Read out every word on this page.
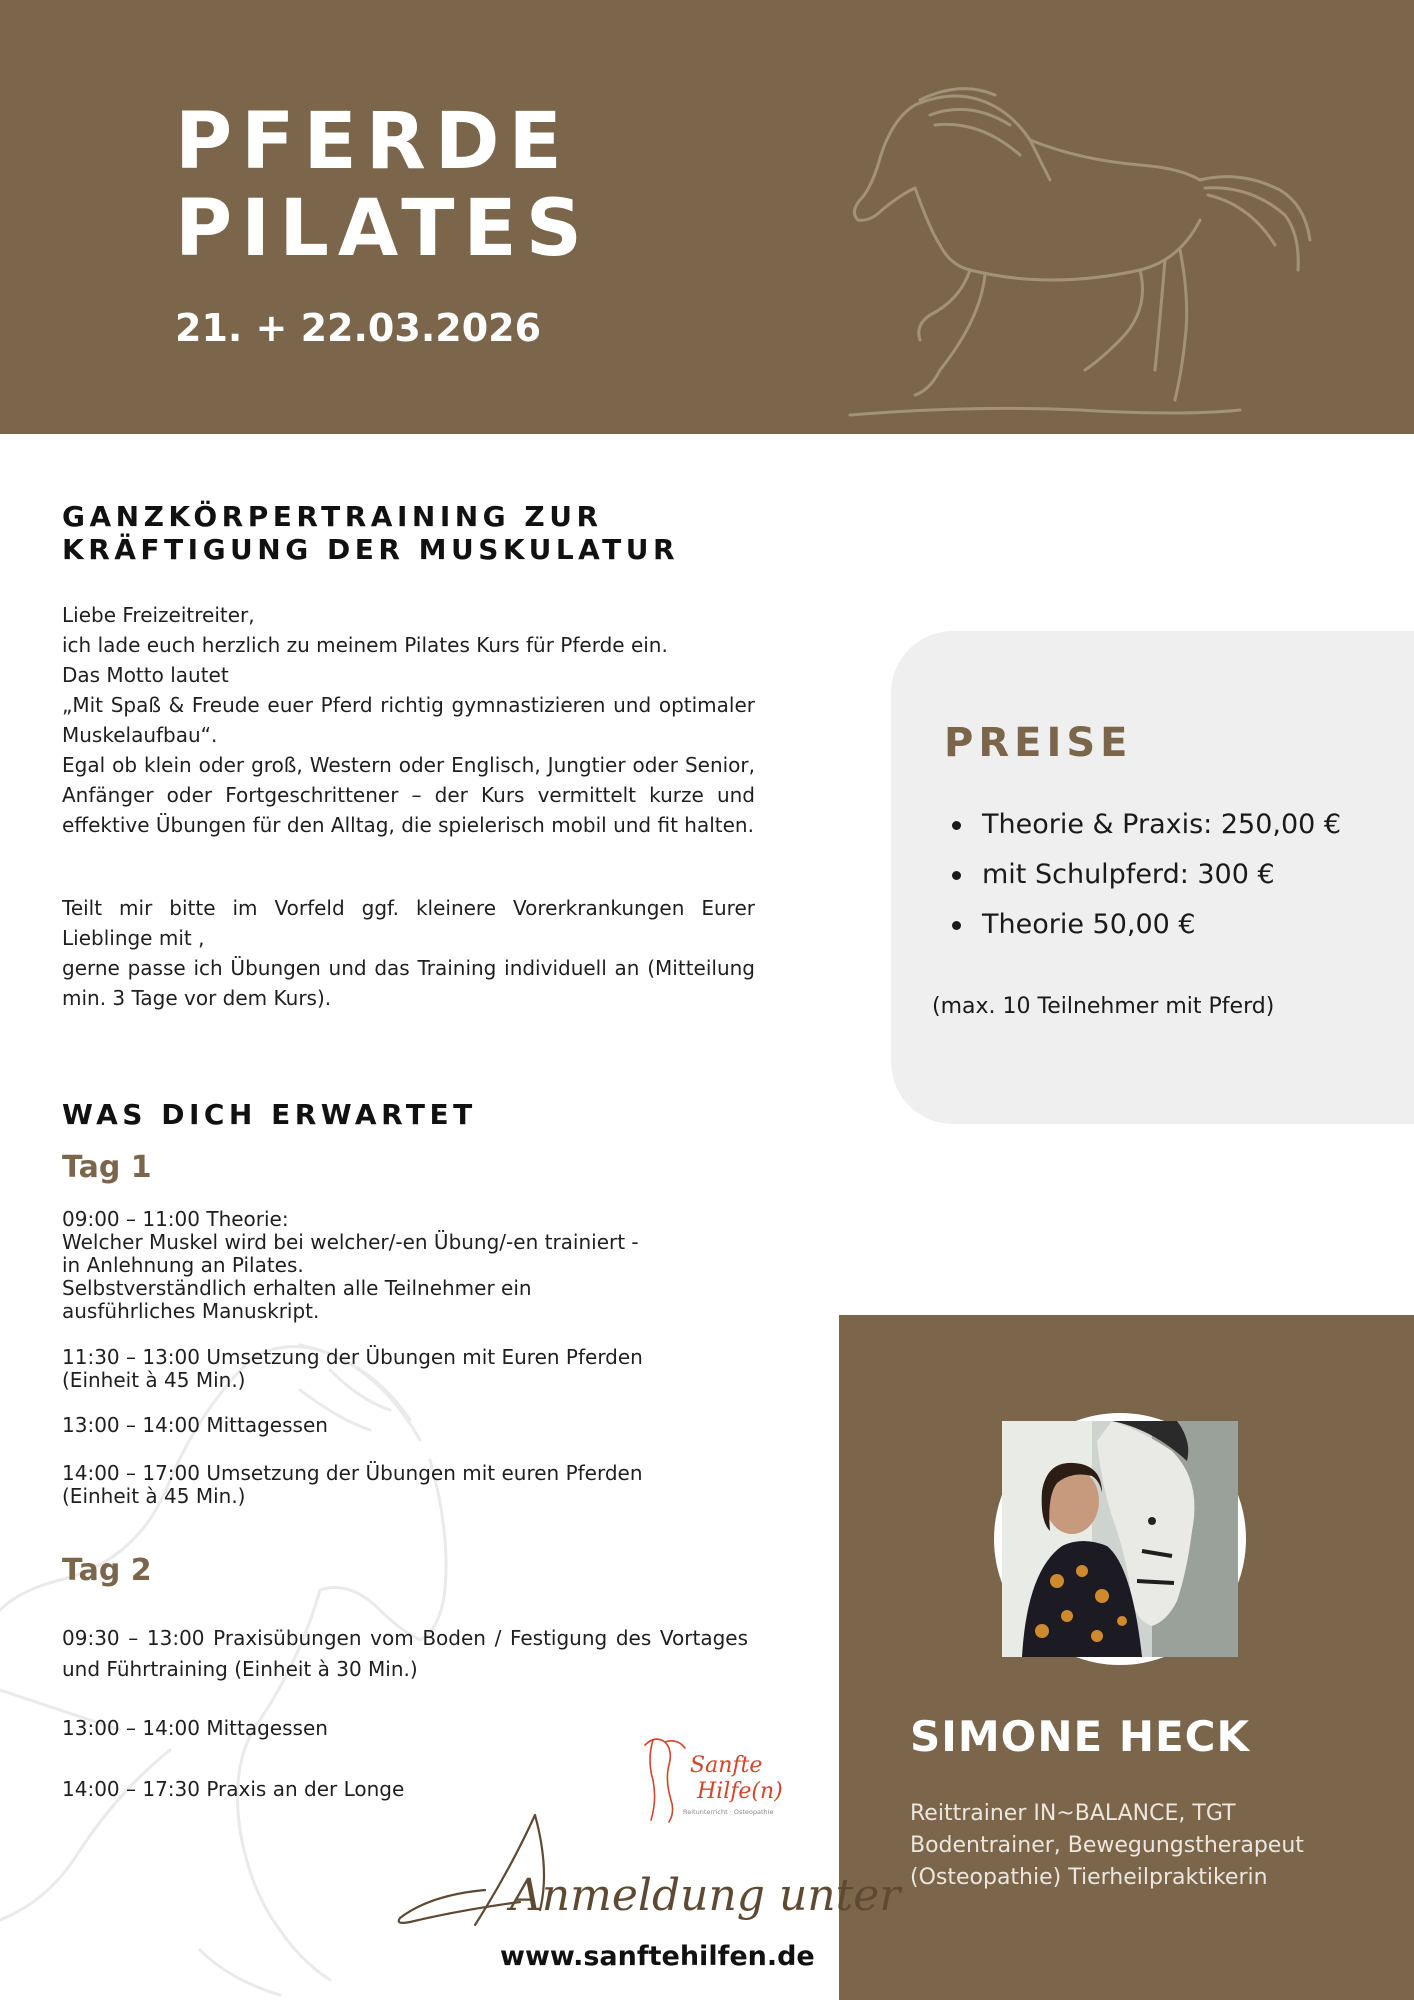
PFERDE
PILATES
21. + 22.03.2026
GANZKÖRPERTRAINING ZUR
KRÄFTIGUNG DER MUSKULATUR

Liebe Freizeitreiter,

ich lade euch herzlich zu meinem Pilates Kurs für Pferde ein.

Das Motto lautet

„Mit Spaß & Freude euer Pferd richtig gymnastizieren und optimaler Muskelaufbau“.

Egal ob klein oder groß, Western oder Englisch, Jungtier oder Senior, Anfänger oder Fortgeschrittener – der Kurs vermittelt kurze und effektive Übungen für den Alltag, die spielerisch mobil und fit halten.

Teilt mir bitte im Vorfeld ggf. kleinere Vorerkrankungen Eurer Lieblinge mit ,

gerne passe ich Übungen und das Training individuell an (Mitteilung min. 3 Tage vor dem Kurs).

WAS DICH ERWARTET
Tag 1

09:00 – 11:00 Theorie:

Welcher Muskel wird bei welcher/-en Übung/-en trainiert -

in Anlehnung an Pilates.

Selbstverständlich erhalten alle Teilnehmer ein

ausführliches Manuskript.

11:30 – 13:00 Umsetzung der Übungen mit Euren Pferden

(Einheit à 45 Min.)

13:00 – 14:00 Mittagessen

14:00 – 17:00 Umsetzung der Übungen mit euren Pferden

(Einheit à 45 Min.)

Tag 2
09:30 – 13:00 Praxisübungen vom Boden / Festigung des Vortages und Führtraining (Einheit à 30 Min.)
13:00 – 14:00 Mittagessen
14:00 – 17:30 Praxis an der Longe
PREISE
Theorie & Praxis: 250,00 €
mit Schulpferd: 300 €
Theorie 50,00 €
(max. 10 Teilnehmer mit Pferd)
SIMONE HECK
Reittrainer IN~BALANCE, TGT
Bodentrainer, Bewegungstherapeut
(Osteopathie) Tierheilpraktikerin
Sanfte
Hilfe(n)
Reitunterricht · Osteopathie
Anmeldung unter
www.sanftehilfen.de
